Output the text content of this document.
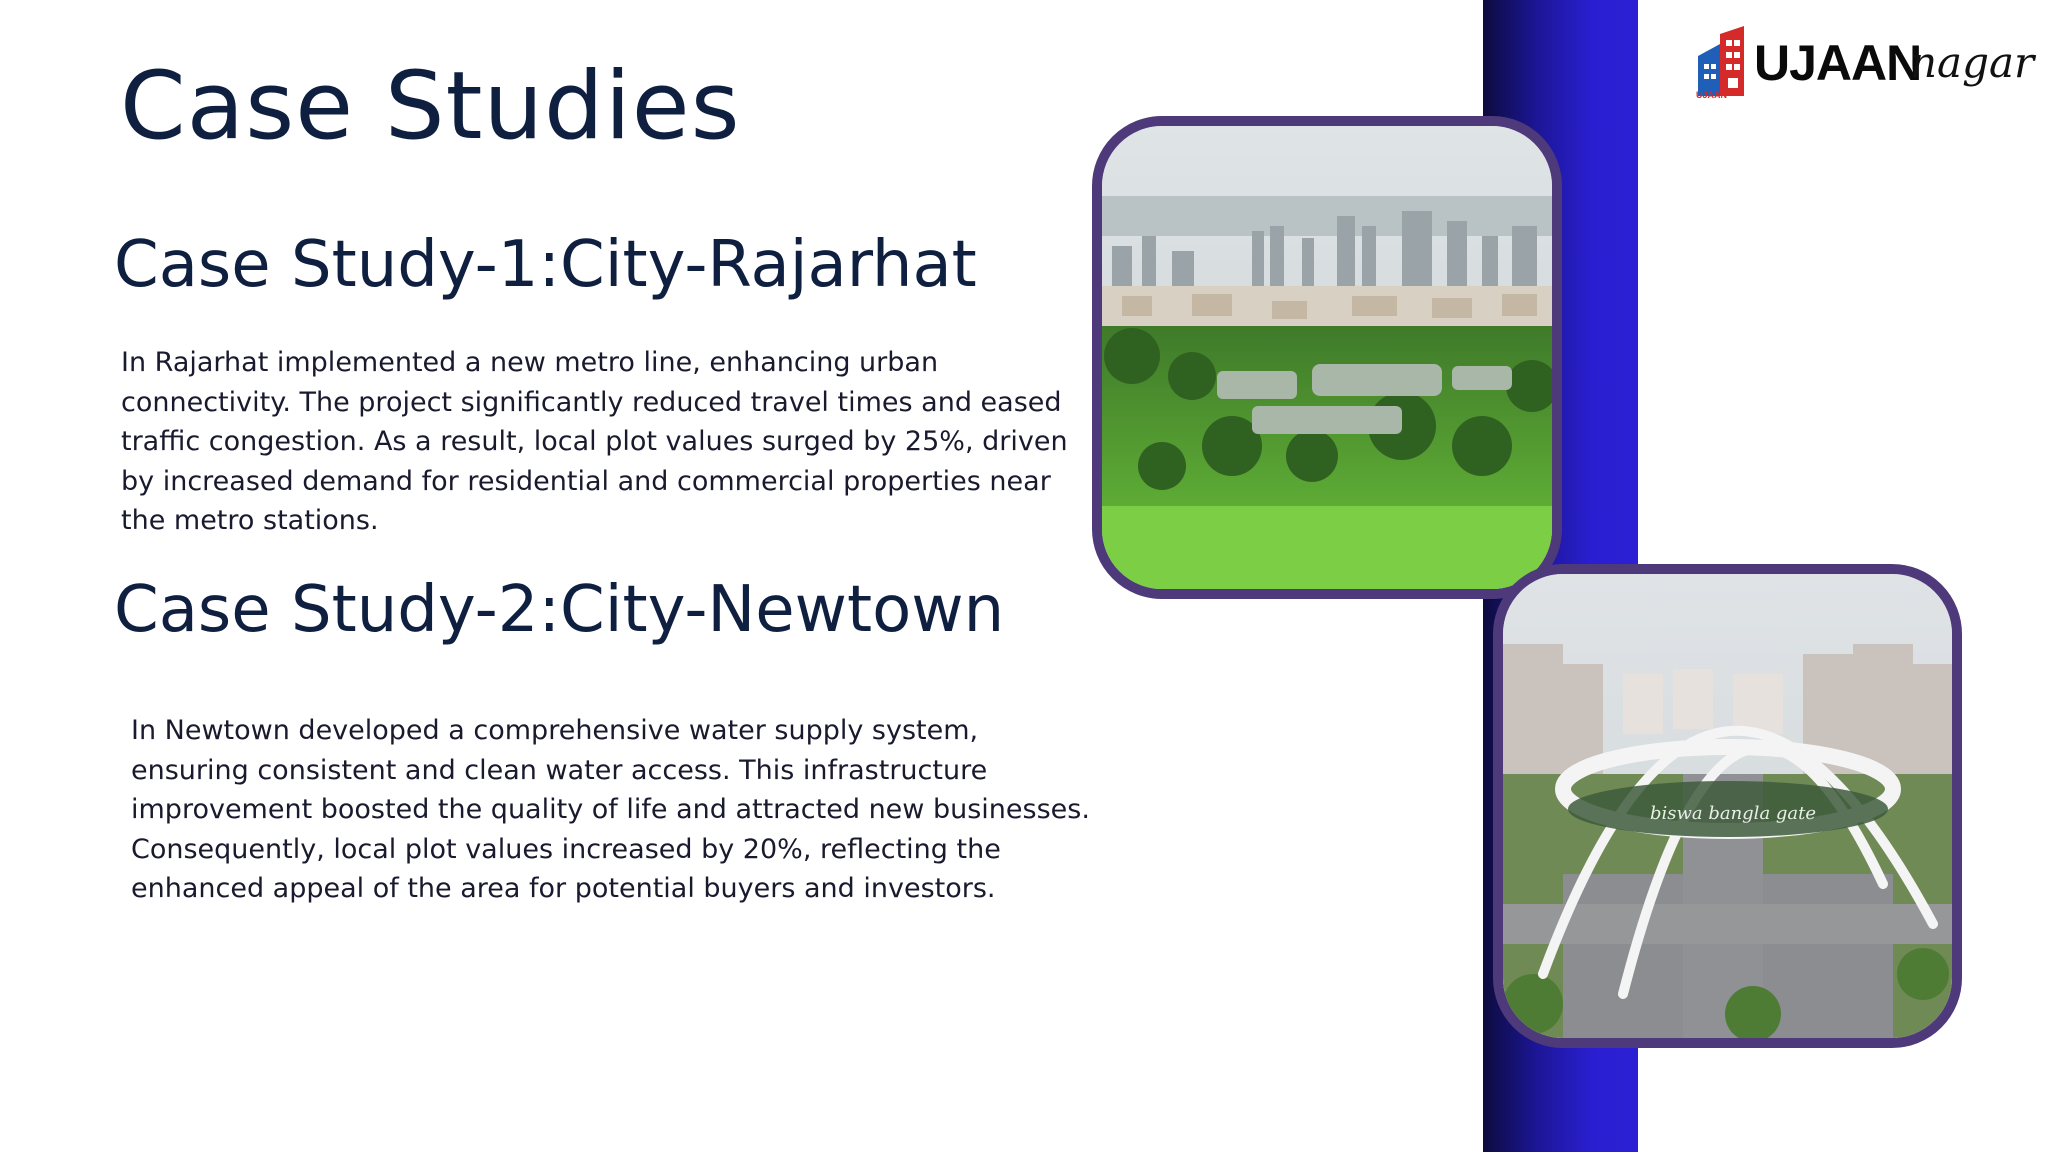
Case Studies
Case Study-1:City-Rajarhat

In Rajarhat implemented a new metro line, enhancing urban connectivity. The project significantly reduced travel times and eased traffic congestion. As a result, local plot values surged by 25%, driven by increased demand for residential and commercial properties near the metro stations.

Case Study-2:City-Newtown

In Newtown developed a comprehensive water supply system, ensuring consistent and clean water access. This infrastructure improvement boosted the quality of life and attracted new businesses. Consequently, local plot values increased by 20%, reflecting the enhanced appeal of the area for potential buyers and investors.

biswa bangla gate
UJAAN
nagar
UJAAN
